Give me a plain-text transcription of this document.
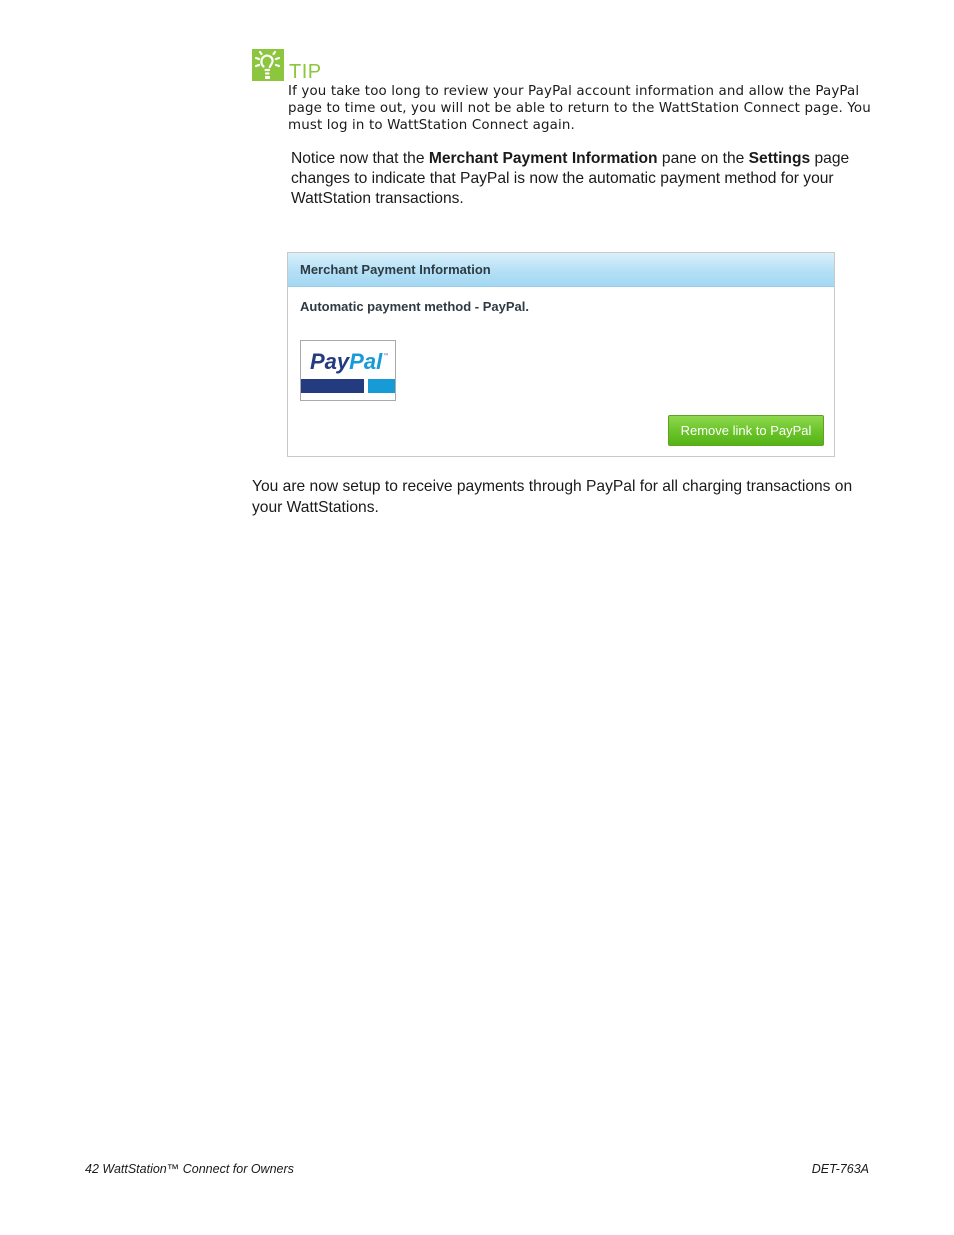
TIP
If you take too long to review your PayPal account information and allow the PayPal page to time out, you will not be able to return to the WattStation Connect page. You must log in to WattStation Connect again.
Notice now that the Merchant Payment Information pane on the Settings page changes to indicate that PayPal is now the automatic payment method for your WattStation transactions.
Merchant Payment Information
Automatic payment method - PayPal.
PayPal ™
Remove link to PayPal
You are now setup to receive payments through PayPal for all charging transactions on your WattStations.
42 WattStation™ Connect for Owners	DET-763A
